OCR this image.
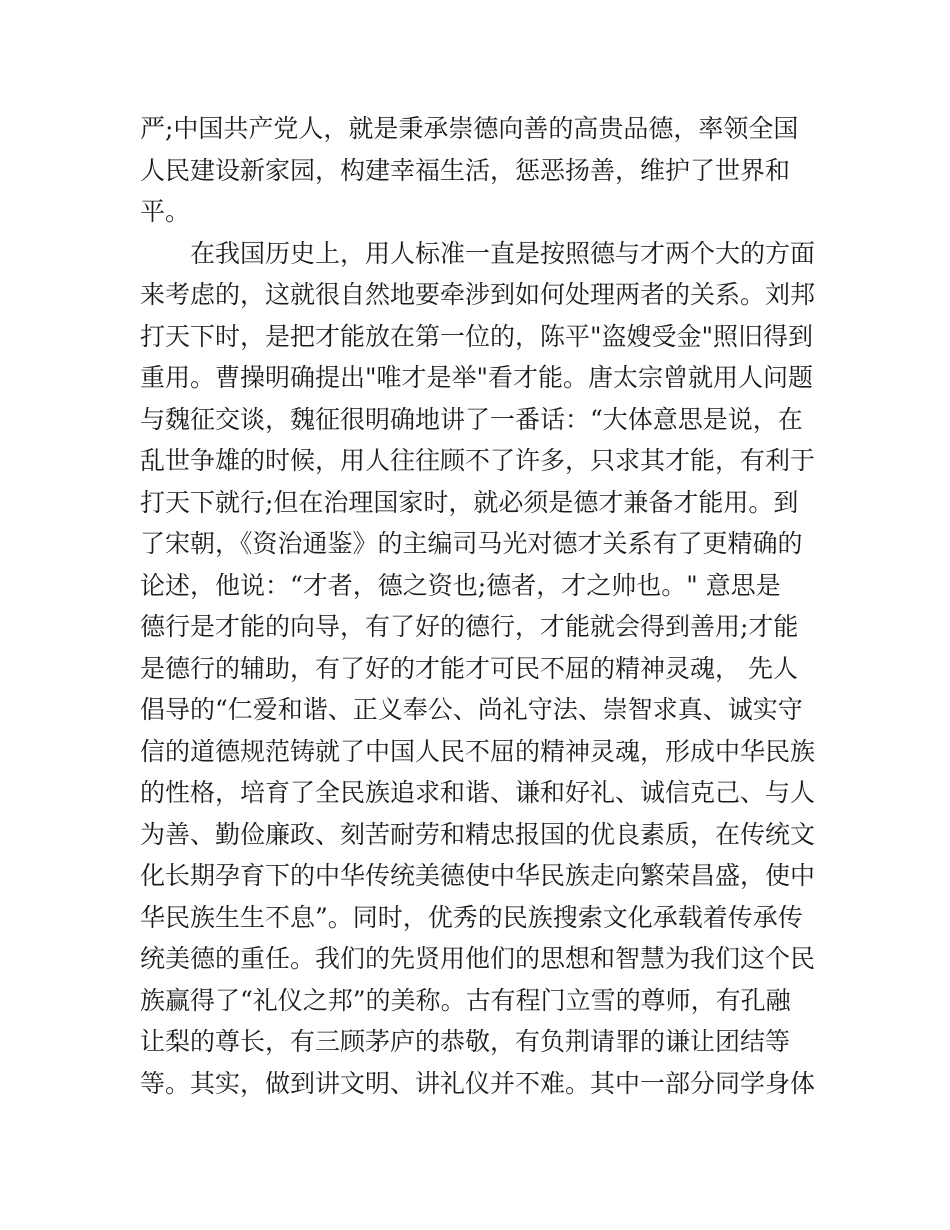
严;中国共产党人，就是秉承崇德向善的高贵品德，率领全国
人民建设新家园，构建幸福生活，惩恶扬善，维护了世界和
平。
　　在我国历史上，用人标准一直是按照德与才两个大的方面
来考虑的，这就很自然地要牵涉到如何处理两者的关系。刘邦
打天下时，是把才能放在第一位的，陈平"盗嫂受金"照旧得到
重用。曹操明确提出"唯才是举"看才能。唐太宗曾就用人问题
与魏征交谈，魏征很明确地讲了一番话：“大体意思是说，在
乱世争雄的时候，用人往往顾不了许多，只求其才能，有利于
打天下就行;但在治理国家时，就必须是德才兼备才能用。到
了宋朝，《资治通鉴》的主编司马光对德才关系有了更精确的
论述，他说：“才者，德之资也;德者，才之帅也。" 意思是
德行是才能的向导，有了好的德行，才能就会得到善用;才能
是德行的辅助，有了好的才能才可民不屈的精神灵魂， 先人
倡导的“仁爱和谐、正义奉公、尚礼守法、崇智求真、诚实守
信的道德规范铸就了中国人民不屈的精神灵魂，形成中华民族
的性格，培育了全民族追求和谐、谦和好礼、诚信克己、与人
为善、勤俭廉政、刻苦耐劳和精忠报国的优良素质，在传统文
化长期孕育下的中华传统美德使中华民族走向繁荣昌盛，使中
华民族生生不息”。同时，优秀的民族搜索文化承载着传承传
统美德的重任。我们的先贤用他们的思想和智慧为我们这个民
族赢得了“礼仪之邦”的美称。古有程门立雪的尊师，有孔融
让梨的尊长，有三顾茅庐的恭敬，有负荆请罪的谦让团结等
等。其实，做到讲文明、讲礼仪并不难。其中一部分同学身体
